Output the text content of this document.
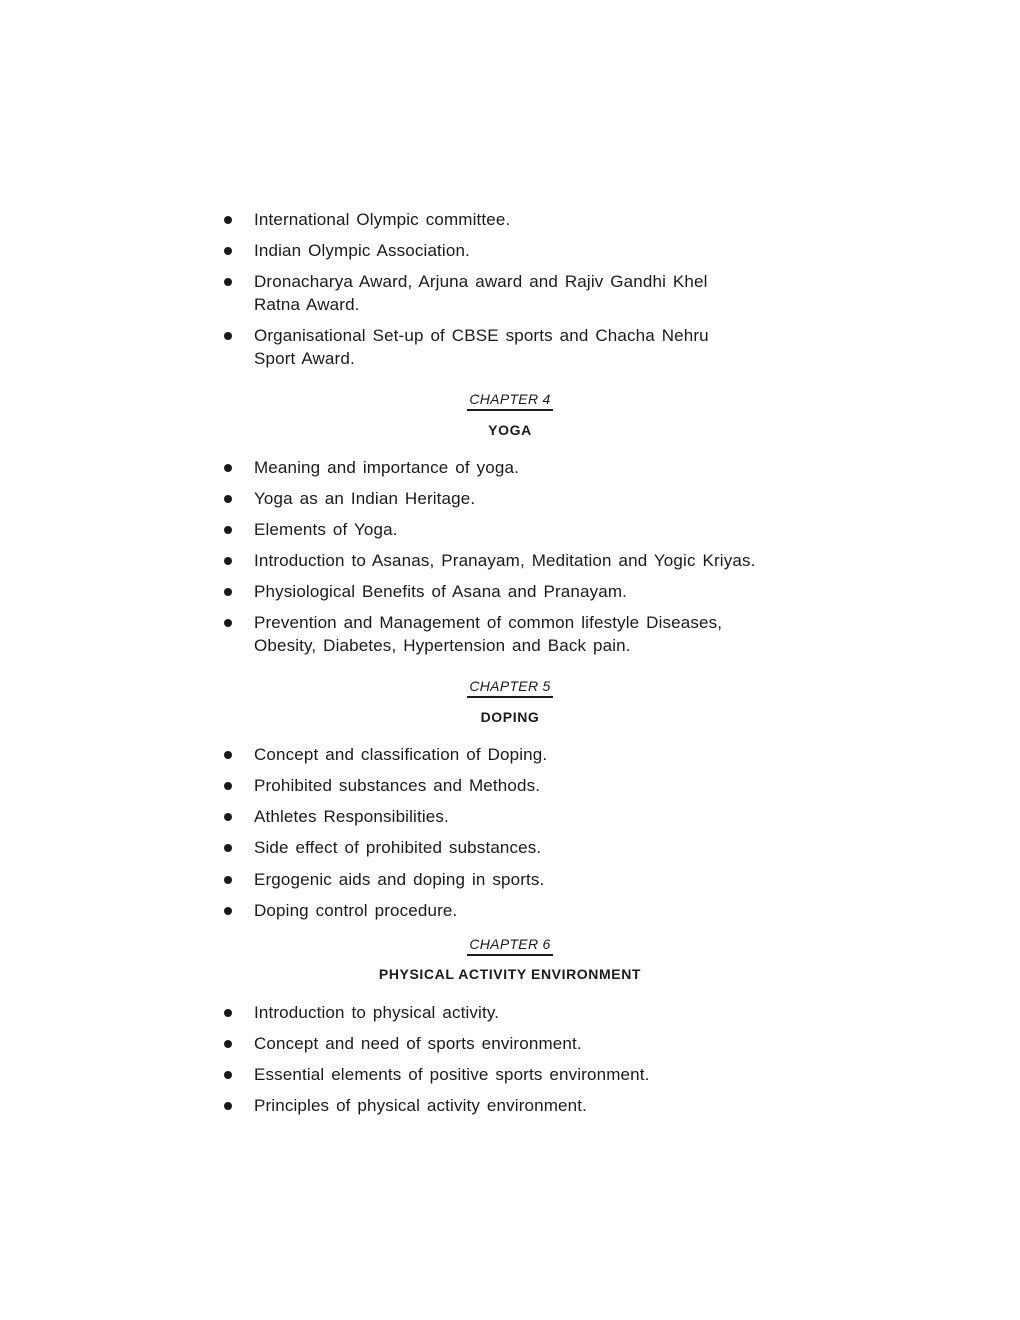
International Olympic committee.
Indian Olympic Association.
Dronacharya Award, Arjuna award and Rajiv Gandhi Khel Ratna Award.
Organisational Set-up of CBSE sports and Chacha Nehru Sport Award.
CHAPTER 4
YOGA
Meaning and importance of yoga.
Yoga as an Indian Heritage.
Elements of Yoga.
Introduction to Asanas, Pranayam, Meditation and Yogic Kriyas.
Physiological Benefits of Asana and Pranayam.
Prevention and Management of common lifestyle Diseases, Obesity, Diabetes, Hypertension and Back pain.
CHAPTER 5
DOPING
Concept and classification of Doping.
Prohibited substances and Methods.
Athletes Responsibilities.
Side effect of prohibited substances.
Ergogenic aids and doping in sports.
Doping control procedure.
CHAPTER 6
PHYSICAL ACTIVITY ENVIRONMENT
Introduction to physical activity.
Concept and need of sports environment.
Essential elements of positive sports environment.
Principles of physical activity environment.
